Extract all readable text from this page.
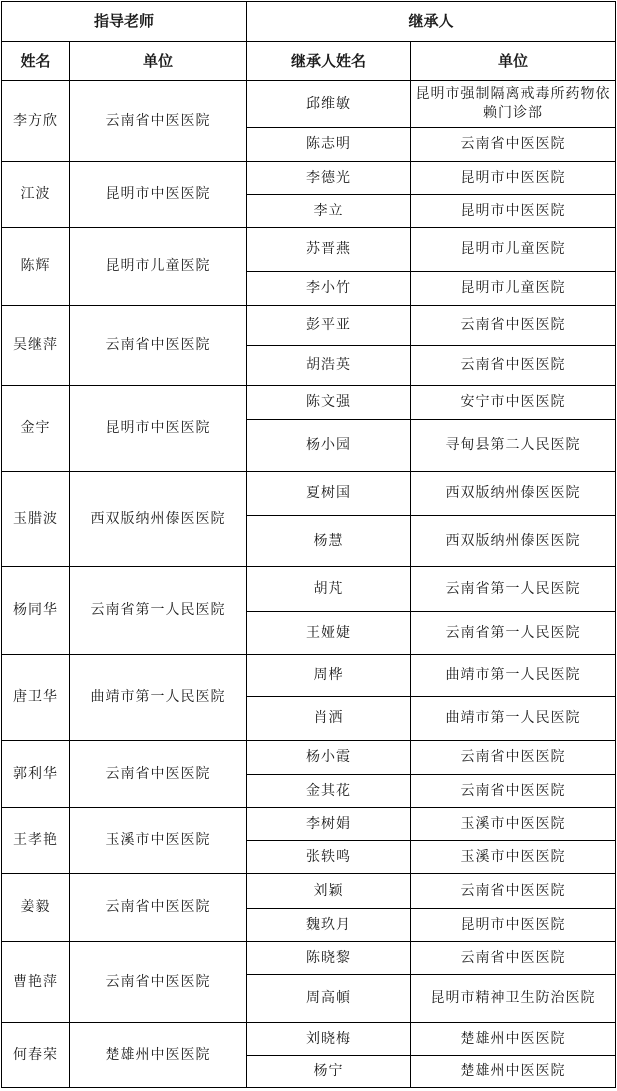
指导老师		继承人	
姓名	单位	继承人姓名	单位
李方欣	云南省中医医院	邱维敏	昆明市强制隔离戒毒所药物依赖门诊部
		陈志明	云南省中医医院
江波	昆明市中医医院	李德光	昆明市中医医院
		李立	昆明市中医医院
陈辉	昆明市儿童医院	苏晋燕	昆明市儿童医院
		李小竹	昆明市儿童医院
吴继萍	云南省中医医院	彭平亚	云南省中医医院
		胡浩英	云南省中医医院
金宇	昆明市中医医院	陈文强	安宁市中医医院
		杨小园	寻甸县第二人民医院
玉腊波	西双版纳州傣医医院	夏树国	西双版纳州傣医医院
		杨慧	西双版纳州傣医医院
杨同华	云南省第一人民医院	胡芃	云南省第一人民医院
		王娅婕	云南省第一人民医院
唐卫华	曲靖市第一人民医院	周桦	曲靖市第一人民医院
		肖洒	曲靖市第一人民医院
郭利华	云南省中医医院	杨小霞	云南省中医医院
		金其花	云南省中医医院
王孝艳	玉溪市中医医院	李树娟	玉溪市中医医院
		张轶鸣	玉溪市中医医院
姜毅	云南省中医医院	刘颖	云南省中医医院
		魏玖月	昆明市中医医院
曹艳萍	云南省中医医院	陈晓黎	云南省中医医院
		周高幁	昆明市精神卫生防治医院
何春荣	楚雄州中医医院	刘晓梅	楚雄州中医医院
		杨宁	楚雄州中医医院
